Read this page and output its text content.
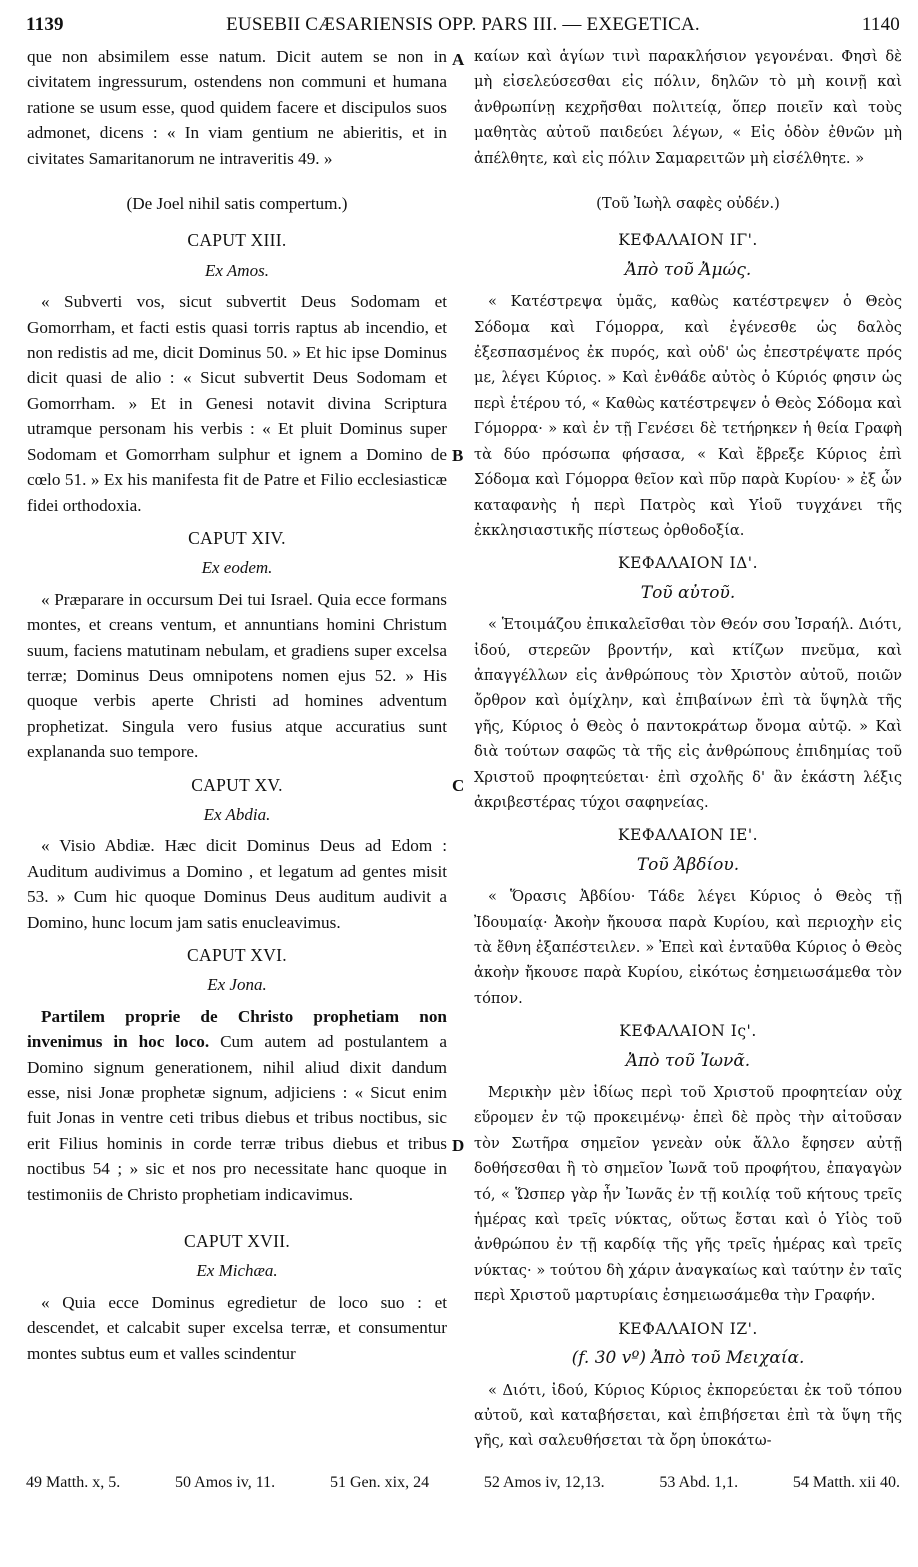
1139	EUSEBII CÆSARIENSIS OPP. PARS III. — EXEGETICA.	1140

que non absimilem esse natum. Dicit autem se non in civitatem ingressurum, ostendens non communi et humana ratione se usum esse, quod quidem facere et discipulos suos admonet, dicens : « In viam gentium ne abieritis, et in civitates Samaritanorum ne intraveritis 49. »

(De Joel nihil satis compertum.)
CAPUT XIII.
Ex Amos.

« Subverti vos, sicut subvertit Deus Sodomam et Gomorrham, et facti estis quasi torris raptus ab incendio, et non redistis ad me, dicit Dominus 50. » Et hic ipse Dominus dicit quasi de alio : « Sicut subvertit Deus Sodomam et Gomorrham. » Et in Genesi notavit divina Scriptura utramque personam his verbis : « Et pluit Dominus super Sodomam et Gomorrham sulphur et ignem a Domino de cœlo 51. » Ex his manifesta fit de Patre et Filio ecclesiasticæ fidei orthodoxia.

CAPUT XIV.
Ex eodem.

« Præparare in occursum Dei tui Israel. Quia ecce formans montes, et creans ventum, et annuntians homini Christum suum, faciens matutinam nebulam, et gradiens super excelsa terræ; Dominus Deus omnipotens nomen ejus 52. » His quoque verbis aperte Christi ad homines adventum prophetizat. Singula vero fusius atque accuratius sunt explananda suo tempore.

CAPUT XV.
Ex Abdia.

« Visio Abdiæ. Hæc dicit Dominus Deus ad Edom : Auditum audivimus a Domino , et legatum ad gentes misit 53. » Cum hic quoque Dominus Deus auditum audivit a Domino, hunc locum jam satis enucleavimus.

CAPUT XVI.
Ex Jona.

Partilem proprie de Christo prophetiam non invenimus in hoc loco. Cum autem ad postulantem a Domino signum generationem, nihil aliud dixit dandum esse, nisi Jonæ prophetæ signum, adjiciens : « Sicut enim fuit Jonas in ventre ceti tribus diebus et tribus noctibus, sic erit Filius hominis in corde terræ tribus diebus et tribus noctibus 54 ; » sic et nos pro necessitate hanc quoque in testimoniis de Christo prophetiam indicavimus.

CAPUT XVII.
Ex Michæa.

« Quia ecce Dominus egredietur de loco suo : et descendet, et calcabit super excelsa terræ, et consumentur montes subtus eum et valles scindentur

A
B
C
D

καίων καὶ ἁγίων τινὶ παρακλήσιον γεγονέναι. Φησὶ δὲ μὴ εἰσελεύσεσθαι εἰς πόλιν, δηλῶν τὸ μὴ κοινῇ καὶ ἀνθρωπίνῃ κεχρῆσθαι πολιτείᾳ, ὅπερ ποιεῖν καὶ τοὺς μαθητὰς αὐτοῦ παιδεύει λέγων, « Εἰς ὁδὸν ἐθνῶν μὴ ἀπέλθητε, καὶ εἰς πόλιν Σαμαρειτῶν μὴ εἰσέλθητε. »

(Τοῦ Ἰωὴλ σαφὲς οὐδέν.)
ΚΕΦΑΛΑΙΟΝ ΙΓ'.
Ἀπὸ τοῦ Ἀμώς.

« Κατέστρεψα ὑμᾶς, καθὼς κατέστρεψεν ὁ Θεὸς Σόδομα καὶ Γόμορρα, καὶ ἐγένεσθε ὡς δαλὸς ἐξεσπασμένος ἐκ πυρός, καὶ οὐδ' ὡς ἐπεστρέψατε πρός με, λέγει Κύριος. » Καὶ ἐνθάδε αὐτὸς ὁ Κύριός φησιν ὡς περὶ ἑτέρου τό, « Καθὼς κατέστρεψεν ὁ Θεὸς Σόδομα καὶ Γόμορρα· » καὶ ἐν τῇ Γενέσει δὲ τετήρηκεν ἡ θεία Γραφὴ τὰ δύο πρόσωπα φήσασα, « Καὶ ἔβρεξε Κύριος ἐπὶ Σόδομα καὶ Γόμορρα θεῖον καὶ πῦρ παρὰ Κυρίου· » ἐξ ὧν καταφανὴς ἡ περὶ Πατρὸς καὶ Υἱοῦ τυγχάνει τῆς ἐκκλησιαστικῆς πίστεως ὀρθοδοξία.

ΚΕΦΑΛΑΙΟΝ ΙΔ'.
Τοῦ αὐτοῦ.

« Ἑτοιμάζου ἐπικαλεῖσθαι τὸν Θεόν σου Ἰσραήλ. Διότι, ἰδού, στερεῶν βροντήν, καὶ κτίζων πνεῦμα, καὶ ἀπαγγέλλων εἰς ἀνθρώπους τὸν Χριστὸν αὐτοῦ, ποιῶν ὄρθρον καὶ ὁμίχλην, καὶ ἐπιβαίνων ἐπὶ τὰ ὕψηλὰ τῆς γῆς, Κύριος ὁ Θεὸς ὁ παντοκράτωρ ὄνομα αὐτῷ. » Καὶ διὰ τούτων σαφῶς τὰ τῆς εἰς ἀνθρώπους ἐπιδημίας τοῦ Χριστοῦ προφητεύεται· ἐπὶ σχολῆς δ' ἂν ἑκάστη λέξις ἀκριβεστέρας τύχοι σαφηνείας.

ΚΕΦΑΛΑΙΟΝ ΙΕ'.
Τοῦ Ἀβδίου.

« Ὅρασις Ἀβδίου· Τάδε λέγει Κύριος ὁ Θεὸς τῇ Ἰδουμαίᾳ· Ἀκοὴν ἤκουσα παρὰ Κυρίου, καὶ περιοχὴν εἰς τὰ ἔθνη ἐξαπέστειλεν. » Ἐπεὶ καὶ ἐνταῦθα Κύριος ὁ Θεὸς ἀκοὴν ἤκουσε παρὰ Κυρίου, εἰκότως ἐσημειωσάμεθα τὸν τόπον.

ΚΕΦΑΛΑΙΟΝ Ις'.
Ἀπὸ τοῦ Ἰωνᾶ.

Μερικὴν μὲν ἰδίως περὶ τοῦ Χριστοῦ προφητείαν οὐχ εὕρομεν ἐν τῷ προκειμένῳ· ἐπεὶ δὲ πρὸς τὴν αἰτοῦσαν τὸν Σωτῆρα σημεῖον γενεὰν οὐκ ἄλλο ἔφησεν αὐτῇ δοθήσεσθαι ἢ τὸ σημεῖον Ἰωνᾶ τοῦ προφήτου, ἐπαγαγὼν τό, « Ὥσπερ γὰρ ἦν Ἰωνᾶς ἐν τῇ κοιλίᾳ τοῦ κήτους τρεῖς ἡμέρας καὶ τρεῖς νύκτας, οὕτως ἔσται καὶ ὁ Υἱὸς τοῦ ἀνθρώπου ἐν τῇ καρδίᾳ τῆς γῆς τρεῖς ἡμέρας καὶ τρεῖς νύκτας· » τούτου δὴ χάριν ἀναγκαίως καὶ ταύτην ἐν ταῖς περὶ Χριστοῦ μαρτυρίαις ἐσημειωσάμεθα τὴν Γραφήν.

ΚΕΦΑΛΑΙΟΝ ΙΖ'.
(f. 30 vº) Ἀπὸ τοῦ Μειχαία.

« Διότι, ἰδού, Κύριος Κύριος ἐκπορεύεται ἐκ τοῦ τόπου αὐτοῦ, καὶ καταβήσεται, καὶ ἐπιβήσεται ἐπὶ τὰ ὕψη τῆς γῆς, καὶ σαλευθήσεται τὰ ὄρη ὑποκάτω-

49 Matth. x, 5.	50 Amos iv, 11.	51 Gen. xix, 24	52 Amos iv, 12,13.	53 Abd. 1,1.	54 Matth. xii 40.
